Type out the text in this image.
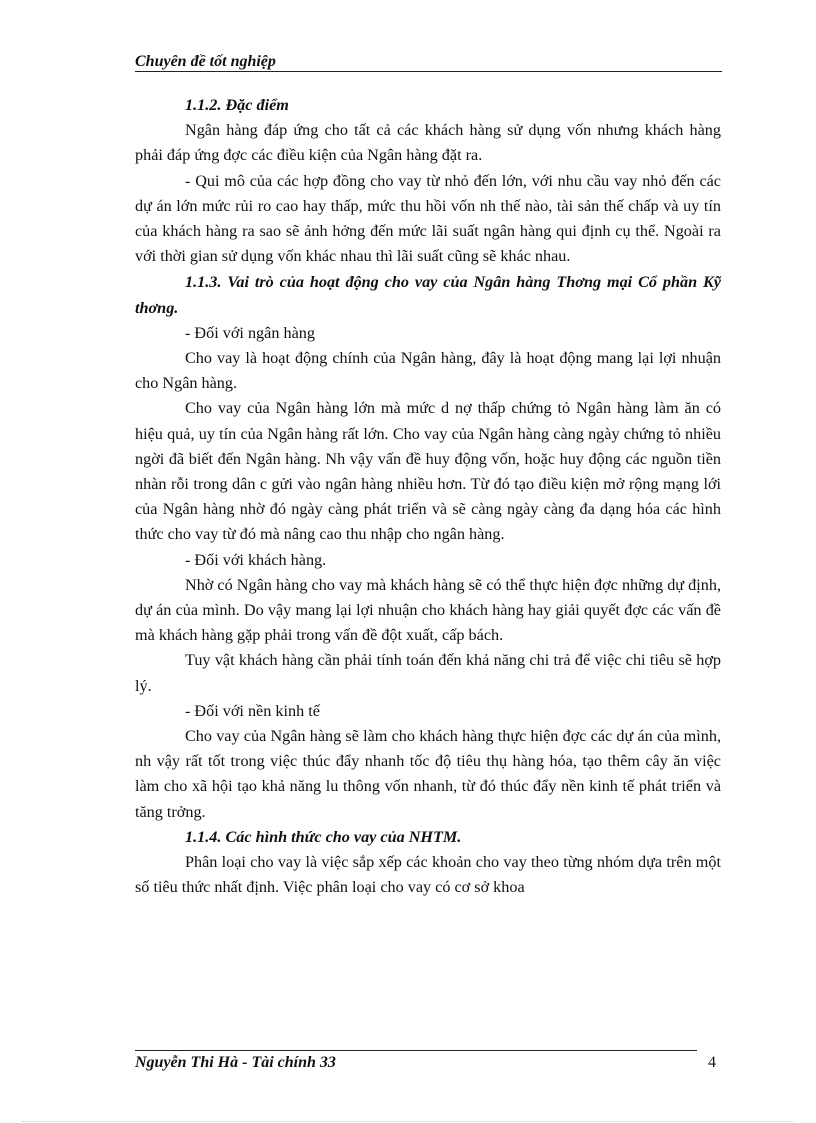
Chuyên đề tốt nghiệp

1.1.2. Đặc điểm

Ngân hàng đáp ứng cho tất cả các khách hàng sử dụng vốn nhưng khách hàng phải đáp ứng đợc các điều kiện của Ngân hàng đặt ra.

- Qui mô của các hợp đồng cho vay từ nhỏ đến lớn, với nhu cầu vay nhỏ đến các dự án lớn mức rủi ro cao hay thấp, mức thu hồi vốn nh thế nào, tài sản thế chấp và uy tín của khách hàng ra sao sẽ ảnh hởng đến mức lãi suất ngân hàng qui định cụ thể. Ngoài ra với thời gian sử dụng vốn khác nhau thì lãi suất cũng sẽ khác nhau.

1.1.3. Vai trò của hoạt động cho vay của Ngân hàng Thơng mại Cổ phần Kỹ thơng.

- Đối với ngân hàng

Cho vay là hoạt động chính của Ngân hàng, đây là hoạt động mang lại lợi nhuận cho Ngân hàng.

Cho vay của Ngân hàng lớn mà mức d nợ thấp chứng tỏ Ngân hàng làm ăn có hiệu quả, uy tín của Ngân hàng rất lớn. Cho vay của Ngân hàng càng ngày chứng tỏ nhiều ngời đã biết đến Ngân hàng. Nh vậy vấn đề huy động vốn, hoặc huy động các nguồn tiền nhàn rỗi trong dân c gửi vào ngân hàng nhiều hơn. Từ đó tạo điều kiện mở rộng mạng lới của Ngân hàng nhờ đó ngày càng phát triển và sẽ càng ngày càng đa dạng hóa các hình thức cho vay từ đó mà nâng cao thu nhập cho ngân hàng.

- Đối với khách hàng.

Nhờ có Ngân hàng cho vay mà khách hàng sẽ có thể thực hiện đợc những dự định, dự án của mình. Do vậy mang lại lợi nhuận cho khách hàng hay giải quyết đợc các vấn đề mà khách hàng gặp phải trong vấn đề đột xuất, cấp bách.

Tuy vật khách hàng cần phải tính toán đến khả năng chi trả để việc chi tiêu sẽ hợp lý.

- Đối với nền kinh tế

Cho vay của Ngân hàng sẽ làm cho khách hàng thực hiện đợc các dự án của mình, nh vậy rất tốt trong việc thúc đẩy nhanh tốc độ tiêu thụ hàng hóa, tạo thêm cây ăn việc làm cho xã hội tạo khả năng lu thông vốn nhanh, từ đó thúc đẩy nền kinh tế phát triển và tăng trởng.

1.1.4. Các hình thức cho vay của NHTM.

Phân loại cho vay là việc sắp xếp các khoản cho vay theo từng nhóm dựa trên một số tiêu thức nhất định. Việc phân loại cho vay có cơ sở khoa

Nguyễn Thi Hà - Tài chính 33	4
